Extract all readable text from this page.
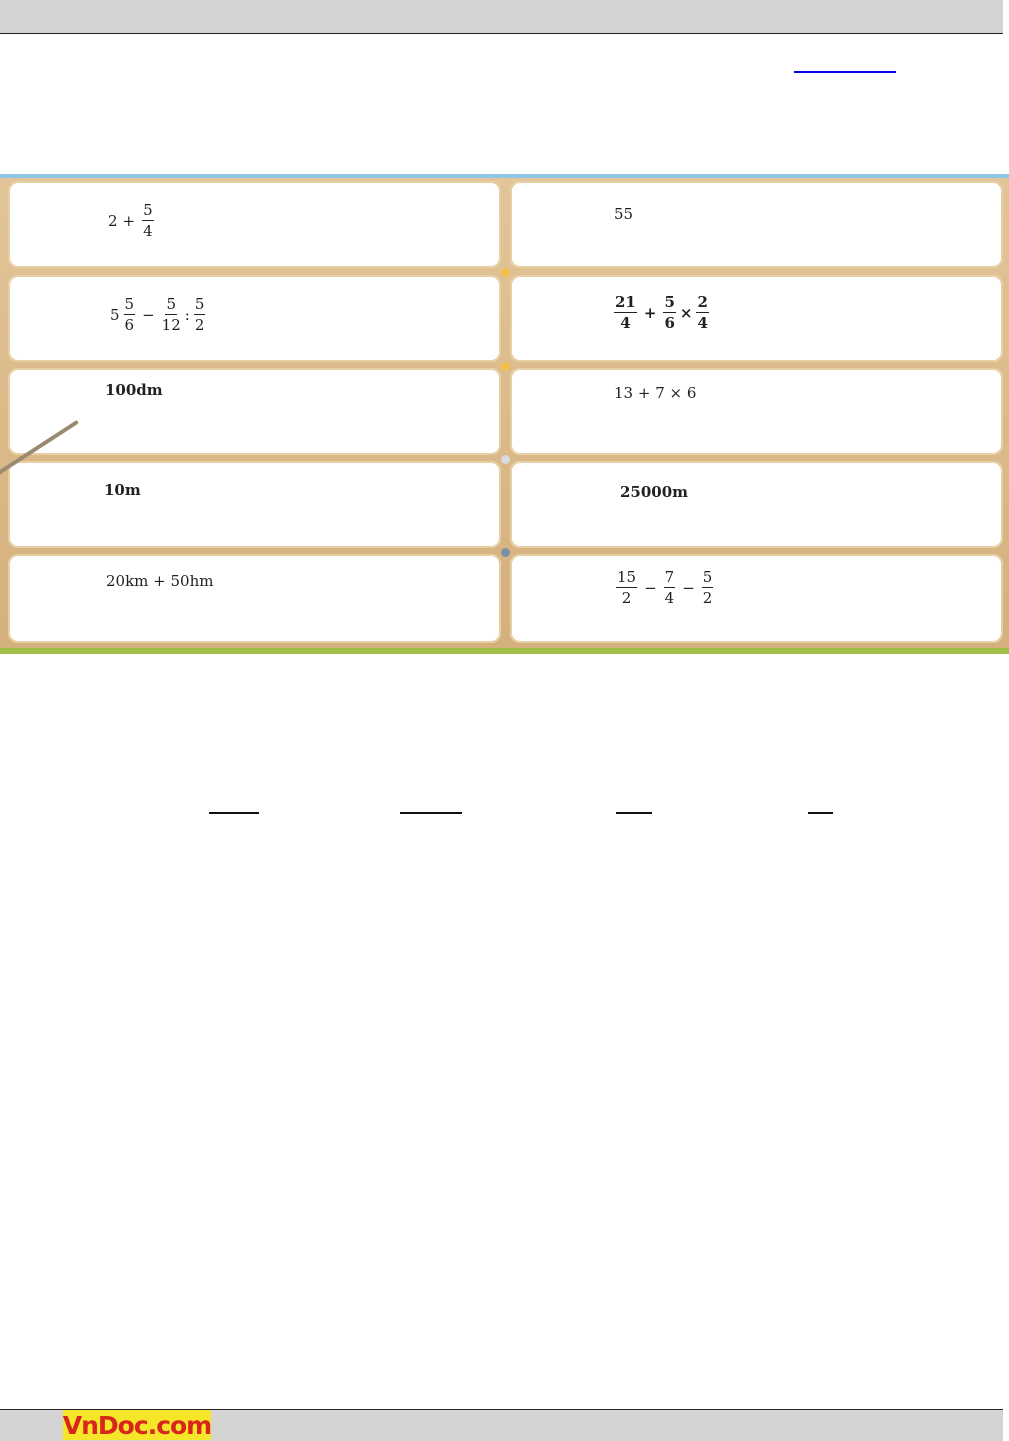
$2 + \frac{5}{4}$	55
$5 \frac{5}{6} - \frac{5}{12}$ : $\frac{5}{2}$	$\frac{21}{4} + \frac{5}{6} \times \frac{2}{4}$
100dm	13 + 7 × 6
10m	25000m
20km + 50hm	$\frac{15}{2} - \frac{7}{4} - \frac{5}{2}$
VnDoc . com
